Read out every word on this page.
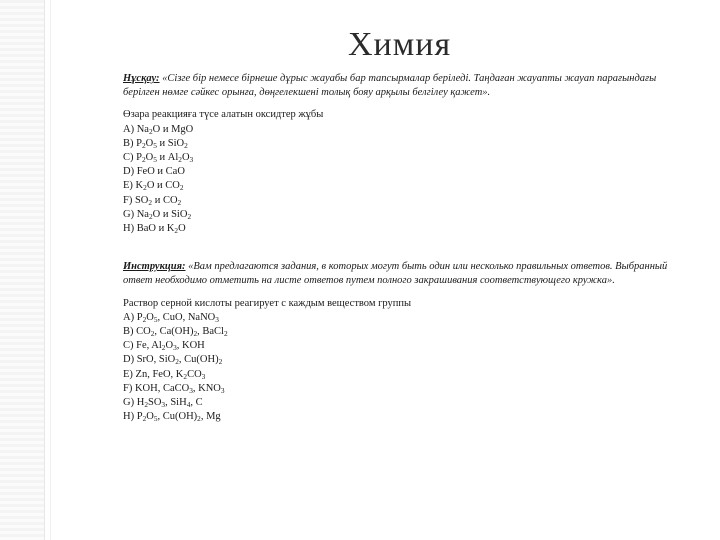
Химия

Нұсқау: «Сізге бір немесе бірнеше дұрыс жауабы бар тапсырмалар беріледі. Таңдаған жауапты жауап парағындағы берілген нөмге сәйкес орынға, дөңгелекшені толық бояу арқылы белгілеу қажет».

Өзара реакцияға түсе алатын оксидтер жұбы

A) $Na_2O$ и MgO
B) $P_2O_5$ и SiO$_2$
C) $P_2O_5$ и $Al_2O_3$
D) FeO и CaO
E) $K_2O$ и $CO_2$
F) $SO_2$ и $CO_2$
G) $Na_2O$ и SiO$_2$
H) BaO и $K_2O$

Инструкция: «Вам предлагаются задания, в которых могут быть один или несколько правильных ответов. Выбранный ответ необходимо отметить на листе ответов путем полного закрашивания соответствующего кружка».

Раствор серной кислоты реагирует с каждым веществом группы

A) $P_2O_5$, CuO, NaNO$_3$
B) $CO_2$, $Ca(OH)_2$, BaCl$_2$
C) Fe, $Al_2O_3$, KOH
D) SrO, SiO$_2$, $Cu(OH)_2$
E) Zn, FeO, $K_2CO_3$
F) KOH, CaCO$_3$, $KNO_3$
G) $H_2SO_3$, SiH$_4$, C
H) $P_2O_5$, $Cu(OH)_2$, Mg
